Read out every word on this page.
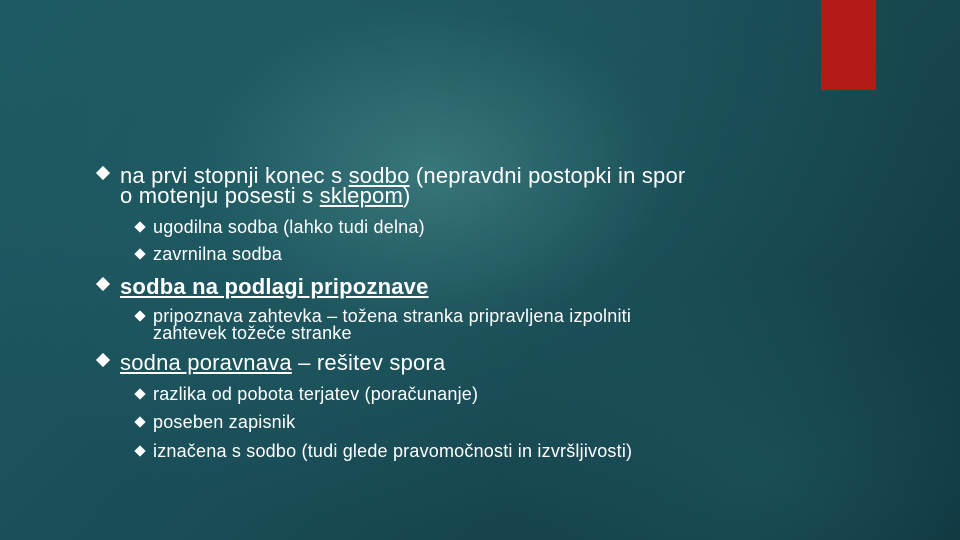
na prvi stopnji konec s sodbo (nepravdni postopki in spor
o motenju posesti s sklepom)
ugodilna sodba (lahko tudi delna)
zavrnilna sodba
sodba na podlagi pripoznave
pripoznava zahtevka – tožena stranka pripravljena izpolniti
zahtevek tožeče stranke
sodna poravnava – rešitev spora
razlika od pobota terjatev (poračunanje)
poseben zapisnik
iznačena s sodbo (tudi glede pravomočnosti in izvršljivosti)
